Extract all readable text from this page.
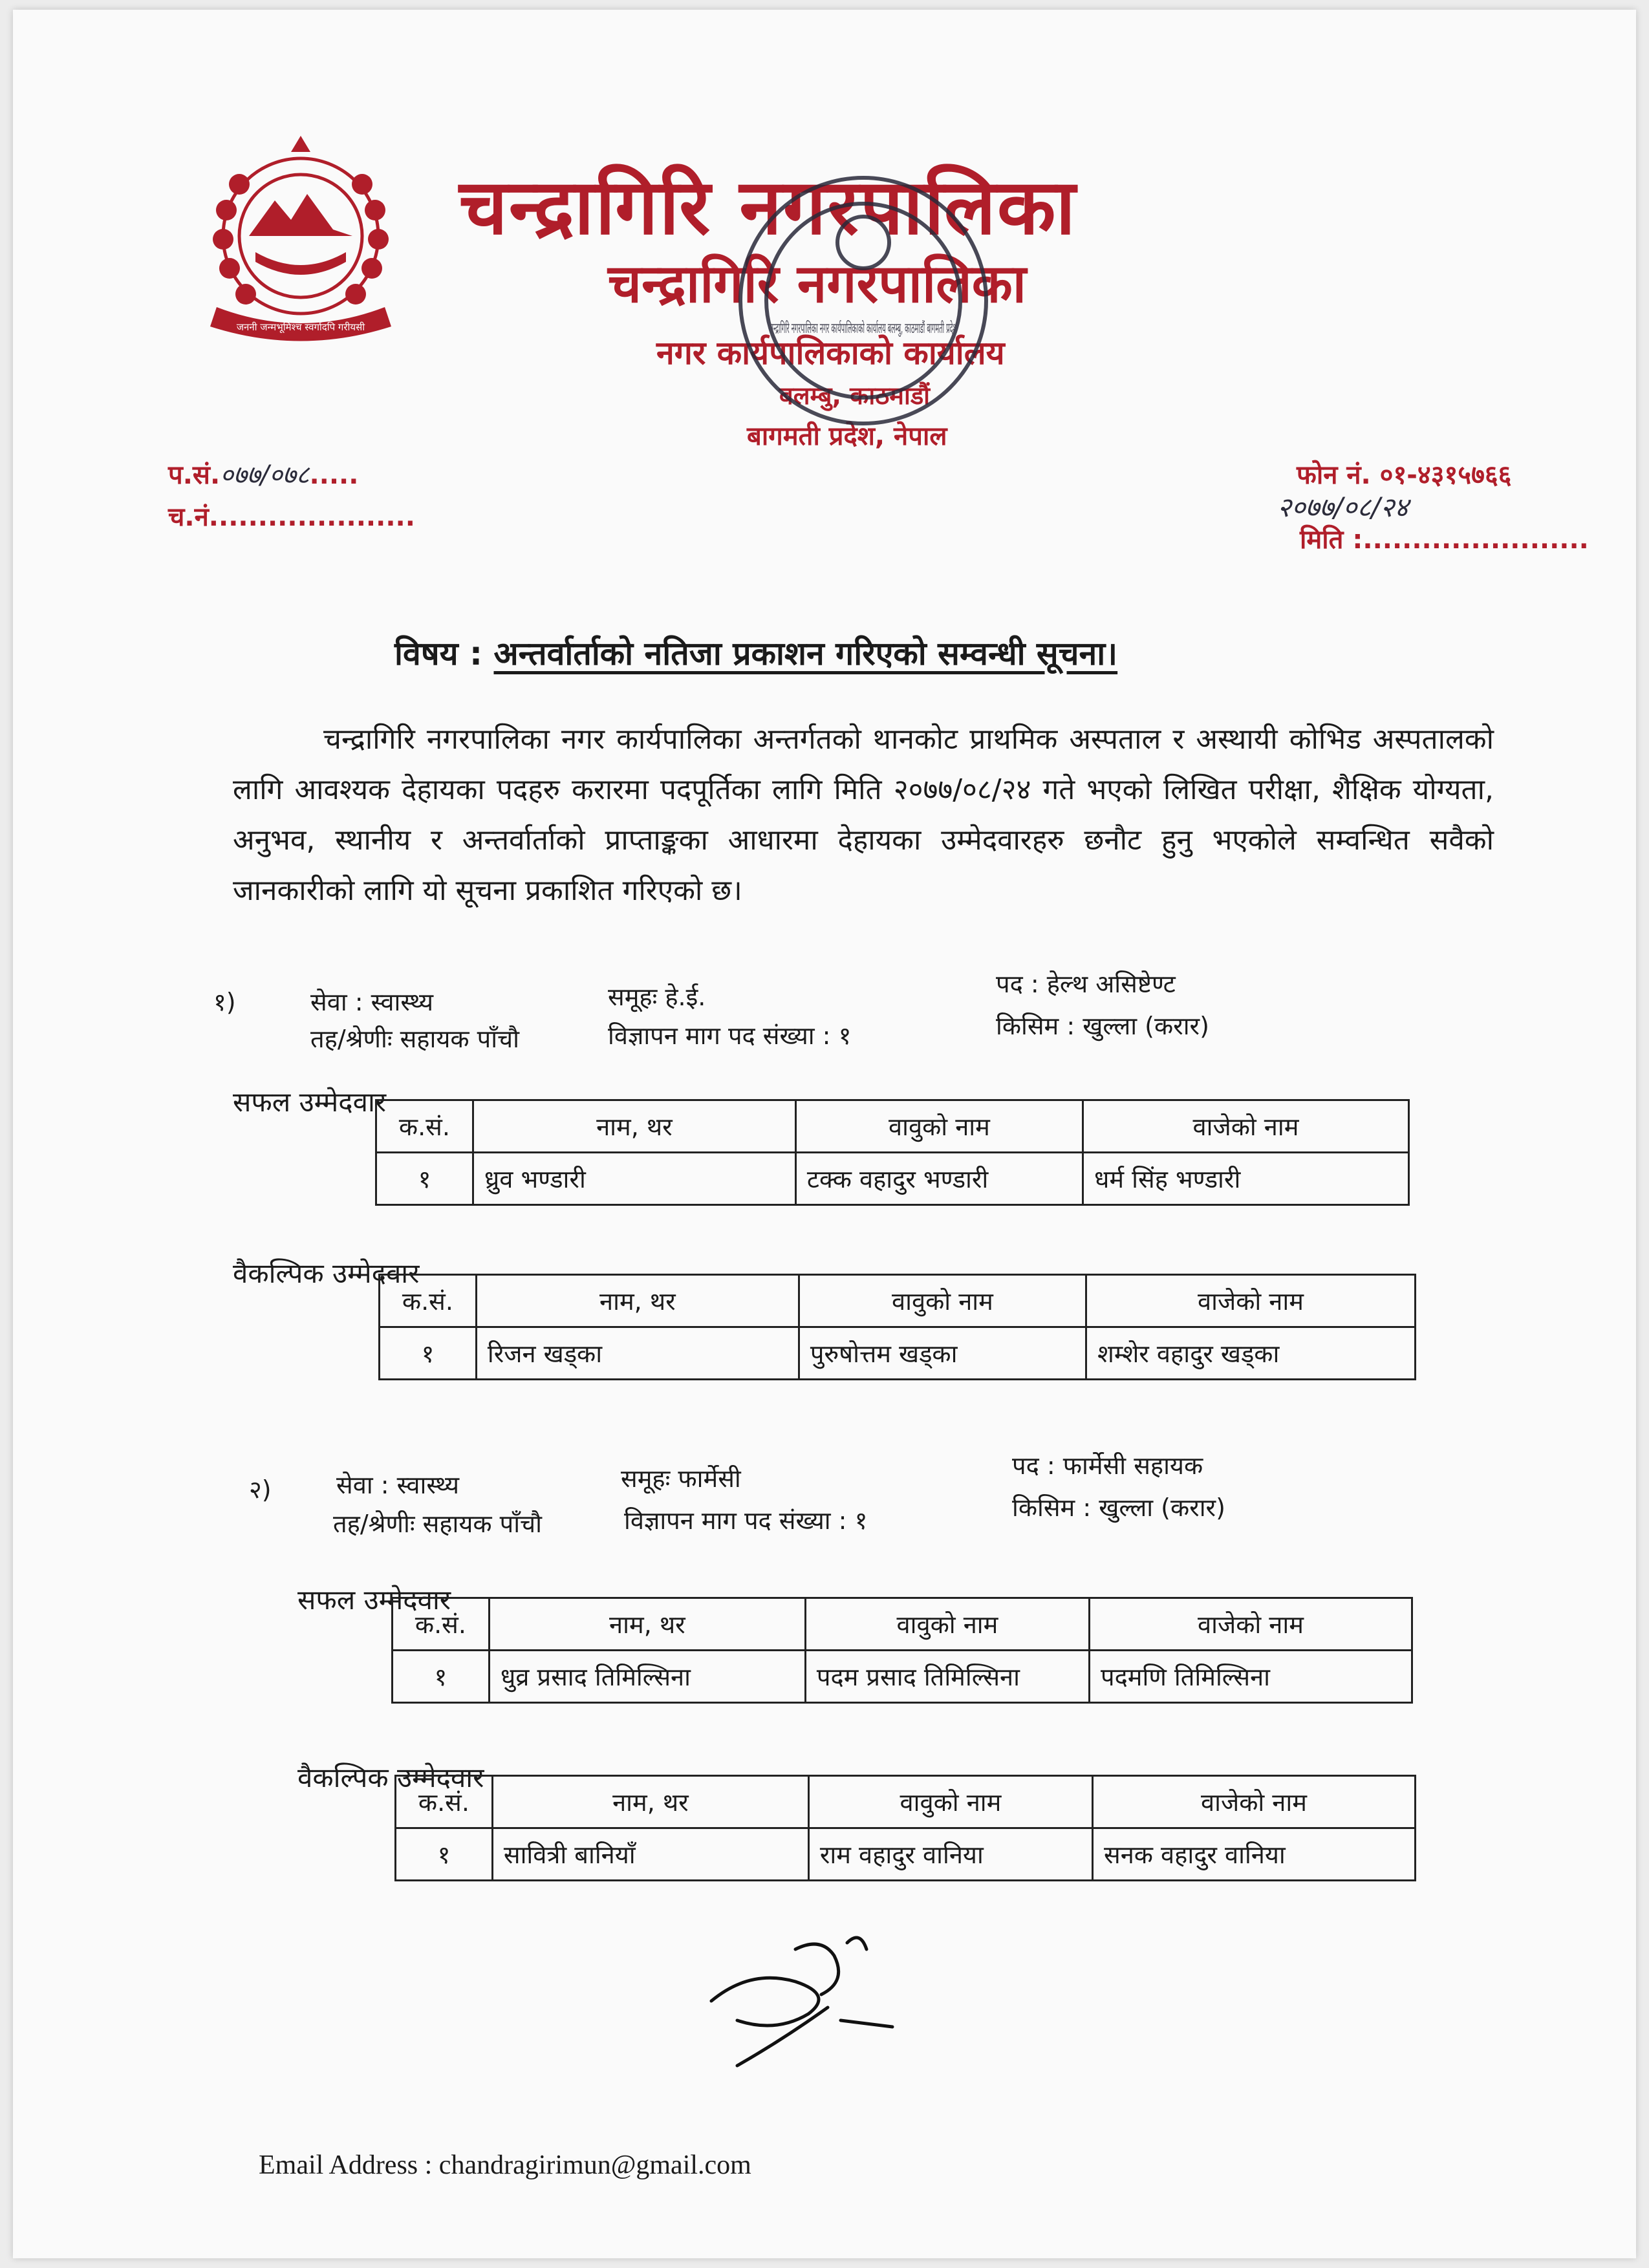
जननी जन्मभूमिश्च स्वर्गादपि गरीयसी
चन्द्रागिरि नगरपालिका
चन्द्रागिरि नगरपालिका
नगर कार्यपालिकाको कार्यालय
बलम्बु, काठमाडौं
बागमती प्रदेश, नेपाल
चन्द्रागिरि नगरपालिका नगर कार्यपालिकाको कार्यालय बलम्बु, काठमाडौं बागमती प्रदेश
प.सं.०७७/०७८.....
च.नं.....................
फोन नं. ०१-४३१५७६६
२०७७/०८/२४
मिति :.......................
विषय : अन्तर्वार्ताको नतिजा प्रकाशन गरिएको सम्वन्धी सूचना।
चन्द्रागिरि नगरपालिका नगर कार्यपालिका अन्तर्गतको थानकोट प्राथमिक अस्पताल र अस्थायी कोभिड अस्पतालको लागि आवश्यक देहायका पदहरु करारमा पदपूर्तिका लागि मिति २०७७/०८/२४ गते भएको लिखित परीक्षा, शैक्षिक योग्यता, अनुभव, स्थानीय र अन्तर्वार्ताको प्राप्ताङ्कका आधारमा देहायका उम्मेदवारहरु छनौट हुनु भएकोले सम्वन्धित सवैको जानकारीको लागि यो सूचना प्रकाशित गरिएको छ।
१)	सेवा : स्वास्थ्य	समूहः हे.ई.	पद : हेल्थ असिष्टेण्ट
तह/श्रेणीः सहायक पाँचौ	विज्ञापन माग पद संख्या : १	किसिम : खुल्ला (करार)
सफल उम्मेदवार
क.सं.	नाम, थर	वावुको नाम	वाजेको नाम
१	ध्रुव भण्डारी	टक्क वहादुर भण्डारी	धर्म सिंह भण्डारी
वैकल्पिक उम्मेदवार
क.सं.	नाम, थर	वावुको नाम	वाजेको नाम
१	रिजन खड्का	पुरुषोत्तम खड्का	शम्शेर वहादुर खड्का
२)	सेवा : स्वास्थ्य	समूहः फार्मेसी	पद : फार्मेसी सहायक
तह/श्रेणीः सहायक पाँचौ	विज्ञापन माग पद संख्या : १	किसिम : खुल्ला (करार)
सफल उम्मेदवार
क.सं.	नाम, थर	वावुको नाम	वाजेको नाम
१	धुव्र प्रसाद तिमिल्सिना	पदम प्रसाद तिमिल्सिना	पदमणि तिमिल्सिना
वैकल्पिक उम्मेदवार
क.सं.	नाम, थर	वावुको नाम	वाजेको नाम
१	सावित्री बानियाँ	राम वहादुर वानिया	सनक वहादुर वानिया
Email Address : chandragirimun@gmail.com
